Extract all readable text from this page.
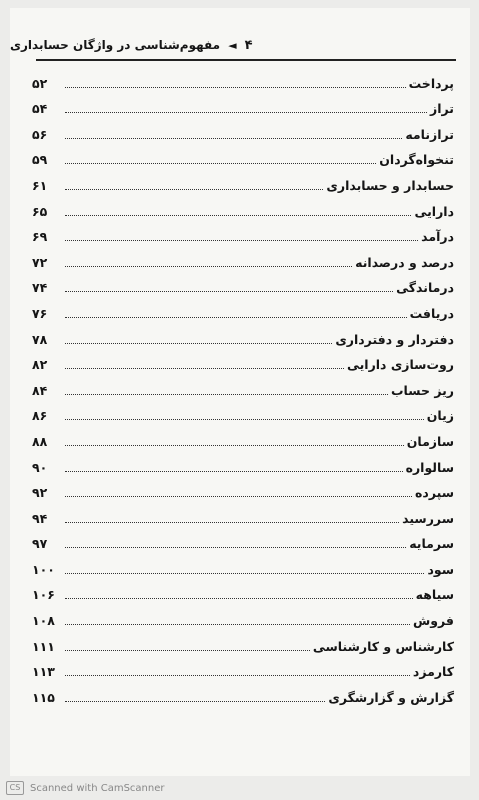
۴
◄
مفهوم‌شناسی در واژگان حسابداری
پرداخت
۵۲
تراز
۵۴
ترازنامه
۵۶
تنخواه‌گردان
۵۹
حسابدار و حسابداری
۶۱
دارایی
۶۵
درآمد
۶۹
درصد و درصدانه
۷۲
درماندگی
۷۴
دریافت
۷۶
دفتردار و دفترداری
۷۸
روت‌سازی دارایی
۸۲
ریز حساب
۸۴
زیان
۸۶
سازمان
۸۸
سالواره
۹۰
سپرده
۹۲
سررسید
۹۴
سرمایه
۹۷
سود
۱۰۰
سیاهه
۱۰۶
فروش
۱۰۸
کارشناس و کارشناسی
۱۱۱
کارمزد
۱۱۳
گزارش و گزارشگری
۱۱۵
CS Scanned with CamScanner
